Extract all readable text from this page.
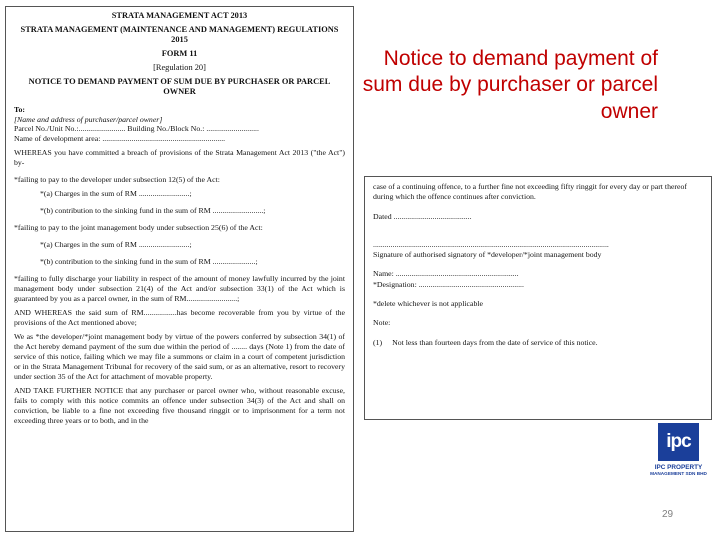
STRATA MANAGEMENT ACT 2013
STRATA MANAGEMENT (MAINTENANCE AND MANAGEMENT) REGULATIONS 2015
FORM 11
[Regulation 20]
NOTICE TO DEMAND PAYMENT OF SUM DUE BY PURCHASER OR PARCEL OWNER
To:
[Name and address of purchaser/parcel owner]
Parcel No./Unit No.:........................ Building No./Block No.: ...........................
Name of development area: ...............................................................
WHEREAS you have committed a breach of provisions of the Strata Management Act 2013 ("the Act") by-
*failing to pay to the developer under subsection 12(5) of the Act:
*(a) Charges in the sum of RM ..........................;
*(b) contribution to the sinking fund in the sum of RM ..........................;
*failing to pay to the joint management body under subsection 25(6) of the Act:
*(a) Charges in the sum of RM ..........................;
*(b) contribution to the sinking fund in the sum of RM ......................;
*failing to fully discharge your liability in respect of the amount of money lawfully incurred by the joint management body under subsection 21(4) of the Act and/or subsection 33(1) of the Act which is guaranteed by you as a parcel owner, in the sum of RM..........................;
AND WHEREAS the said sum of RM.................has become recoverable from you by virtue of the provisions of the Act mentioned above;
We as *the developer/*joint management body by virtue of the powers conferred by subsection 34(1) of the Act hereby demand payment of the sum due within the period of ........ days (Note 1) from the date of service of this notice, failing which we may file a summons or claim in a court of competent jurisdiction or in the Strata Management Tribunal for recovery of the said sum, or as an alternative, resort to recovery under section 35 of the Act for attachment of movable property.
AND TAKE FURTHER NOTICE that any purchaser or parcel owner who, without reasonable excuse, fails to comply with this notice commits an offence under subsection 34(3) of the Act and shall on conviction, be liable to a fine not exceeding five thousand ringgit or to imprisonment for a term not exceeding three years or to both, and in the
Notice to demand payment of sum due by purchaser or parcel owner
case of a continuing offence, to a further fine not exceeding fifty ringgit for every day or part thereof during which the offence continues after conviction.
Dated ........................................
.........................................................................................................................
Signature of authorised signatory of *developer/*joint management body
Name: ...............................................................
*Designation: ......................................................
*delete whichever is not applicable
Note:
(1) Not less than fourteen days from the date of service of this notice.
ipc
IPC PROPERTY
MANAGEMENT SDN BHD
29
